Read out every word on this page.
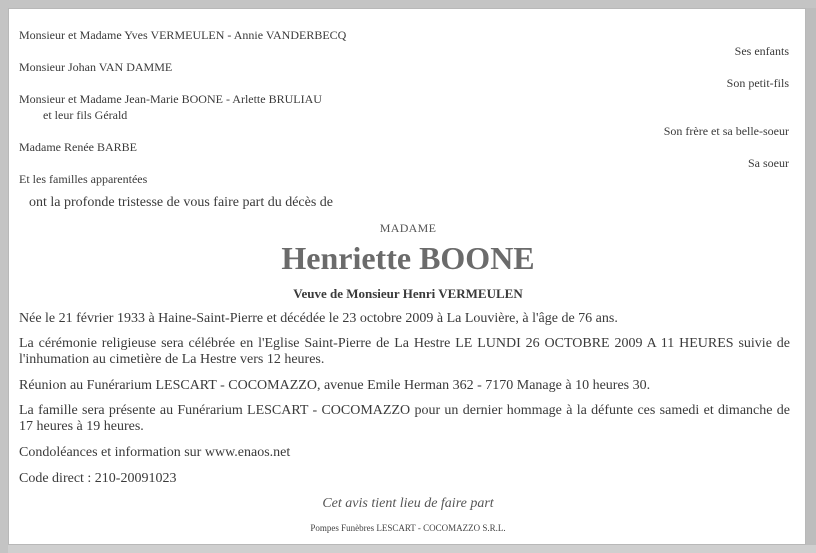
Monsieur et Madame Yves VERMEULEN - Annie VANDERBECQ
Ses enfants
Monsieur Johan VAN DAMME
Son petit-fils
Monsieur et Madame Jean-Marie BOONE - Arlette BRULIAU
et leur fils Gérald
Son frère et sa belle-soeur
Madame Renée BARBE
Sa soeur
Et les familles apparentées
ont la profonde tristesse de vous faire part du décès de
MADAME
Henriette BOONE
Veuve de Monsieur Henri VERMEULEN
Née le 21 février 1933 à Haine-Saint-Pierre et décédée le 23 octobre 2009 à La Louvière, à l'âge de 76 ans.
La cérémonie religieuse sera célébrée en l'Eglise Saint-Pierre de La Hestre LE LUNDI 26 OCTOBRE 2009 A 11 HEURES suivie de l'inhumation au cimetière de La Hestre vers 12 heures.
Réunion au Funérarium LESCART - COCOMAZZO, avenue Emile Herman 362 - 7170 Manage à 10 heures 30.
La famille sera présente au Funérarium LESCART - COCOMAZZO pour un dernier hommage à la défunte ces samedi et dimanche de 17 heures à 19 heures.
Condoléances et information sur www.enaos.net
Code direct : 210-20091023
Cet avis tient lieu de faire part
Pompes Funèbres LESCART - COCOMAZZO S.R.L.
